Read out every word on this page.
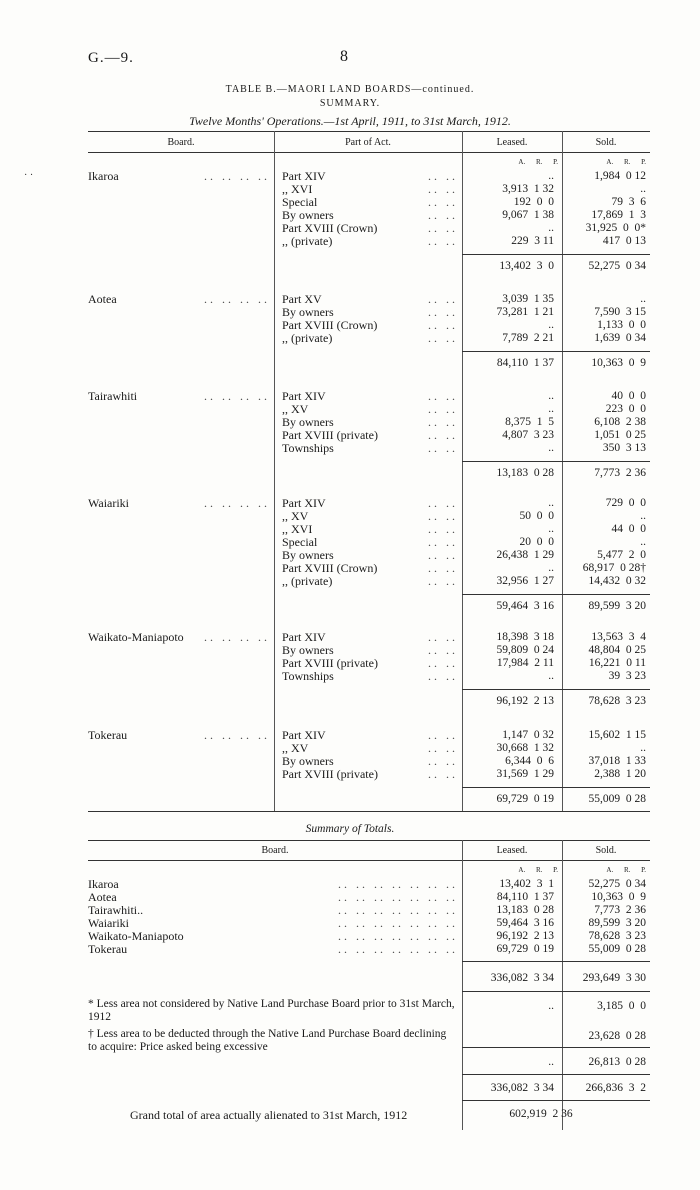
G.—9.	8
TABLE B.—MAORI LAND BOARDS—continued.
SUMMARY.
Twelve Months' Operations.—1st April, 1911, to 31st March, 1912.
· ·
Board.	Part of Act.	Leased.	Sold.
Summary of Totals.
Board.	Leased.	Sold.
A. R. P.	A. R. P.
Ikaroa	.. .. .. .. Part XIV	.. ..	..	1,984  0 12
,, XVI	.. ..	3,913  1 32	..
Special	.. ..	192  0  0	79  3  6
By owners	.. ..	9,067  1 38	17,869  1  3
Part XVIII (Crown)	.. ..	..	31,925  0  0*
,, (private)	.. ..	229  3 11	417  0 13
13,402  3  0	52,275  0 34
Aotea	.. .. .. .. Part XV	.. ..	3,039  1 35	..
By owners	.. ..	73,281  1 21	7,590  3 15
Part XVIII (Crown)	.. ..	..	1,133  0  0
,, (private)	.. ..	7,789  2 21	1,639  0 34
84,110  1 37	10,363  0  9
Tairawhiti	.. .. .. .. Part XIV	.. ..	..	40  0  0
,, XV	.. ..	..	223  0  0
By owners	.. ..	8,375  1  5	6,108  2 38
Part XVIII (private)	.. ..	4,807  3 23	1,051  0 25
Townships	.. ..	..	350  3 13
13,183  0 28	7,773  2 36
Waiariki	.. .. .. .. Part XIV	.. ..	..	729  0  0
,, XV	.. ..	50  0  0	..
,, XVI	.. ..	..	44  0  0
Special	.. ..	20  0  0	..
By owners	.. ..	26,438  1 29	5,477  2  0
Part XVIII (Crown)	.. ..	..	68,917  0 28†
,, (private)	.. ..	32,956  1 27	14,432  0 32
59,464  3 16	89,599  3 20
Waikato-Maniapoto	.. .. .. .. Part XIV	.. ..	18,398  3 18	13,563  3  4
By owners	.. ..	59,809  0 24	48,804  0 25
Part XVIII (private)	.. ..	17,984  2 11	16,221  0 11
Townships	.. ..	..	39  3 23
96,192  2 13	78,628  3 23
Tokerau	.. .. .. .. Part XIV	.. ..	1,147  0 32	15,602  1 15
,, XV	.. ..	30,668  1 32	..
By owners	.. ..	6,344  0  6	37,018  1 33
Part XVIII (private)	.. ..	31,569  1 29	2,388  1 20
69,729  0 19	55,009  0 28
A. R. P.	A. R. P.
Ikaroa	.. .. .. .. .. .. ..	13,402  3  1	52,275  0 34
Aotea	.. .. .. .. .. .. ..	84,110  1 37	10,363  0  9
Tairawhiti..	.. .. .. .. .. .. ..	13,183  0 28	7,773  2 36
Waiariki	.. .. .. .. .. .. ..	59,464  3 16	89,599  3 20
Waikato-Maniapoto	.. .. .. .. .. .. ..	96,192  2 13	78,628  3 23
Tokerau	.. .. .. .. .. .. ..	69,729  0 19	55,009  0 28
336,082  3 34	293,649  3 30
* Less area not considered by Native Land Purchase Board prior to 31st March, 1912
..	3,185  0  0
† Less area to be deducted through the Native Land Purchase Board declining to acquire: Price asked being excessive
23,628  0 28
..	26,813  0 28
336,082  3 34	266,836  3  2
Grand total of area actually alienated to 31st March, 1912	602,919  2 36
